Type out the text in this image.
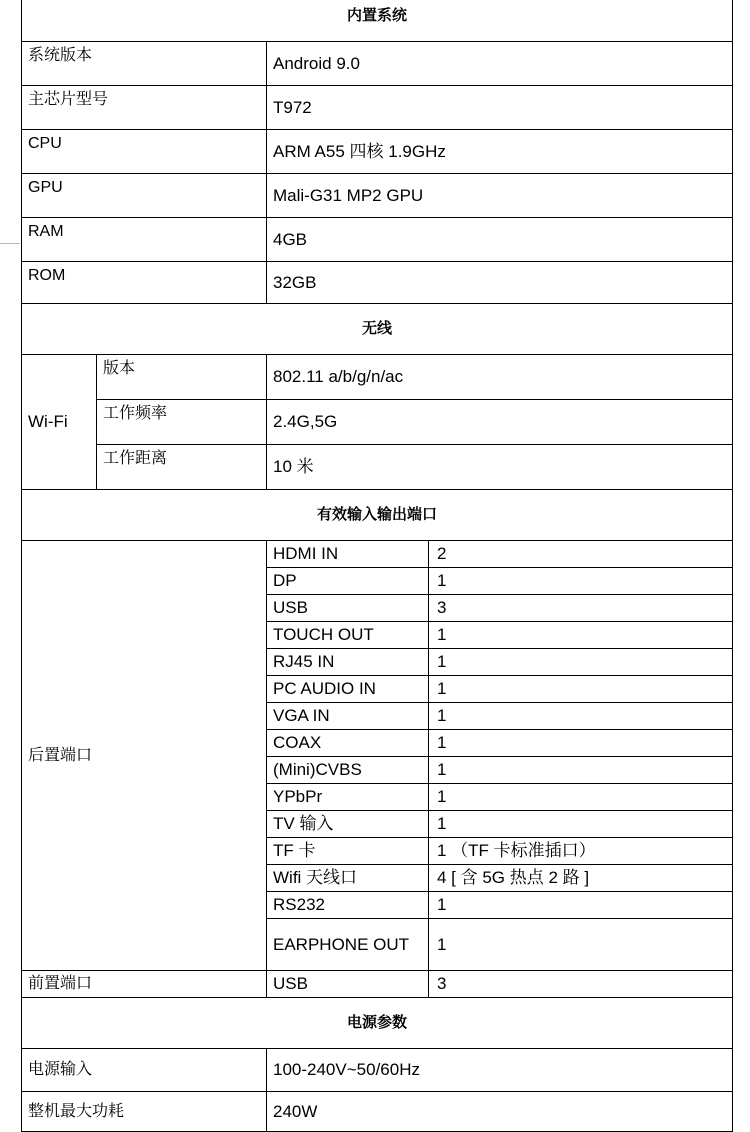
内置系统			
系统版本		Android 9.0	
主芯片型号		T972	
CPU		ARM A55 四核 1.9GHz	
GPU		Mali-G31 MP2 GPU	
RAM		4GB	
ROM		32GB	
无线			
Wi-Fi	版本	802.11 a/b/g/n/ac	
	工作频率	2.4G,5G	
	工作距离	10 米	
有效输入输出端口			
后置端口		HDMI IN	2
		DP	1
		USB	3
		TOUCH OUT	1
		RJ45 IN	1
		PC AUDIO IN	1
		VGA IN	1
		COAX	1
		(Mini)CVBS	1
		YPbPr	1
		TV 输入	1
		TF 卡	1 （TF 卡标准插口）
		Wifi 天线口	4 [ 含 5G 热点 2 路 ]
		RS232	1
		EARPHONE OUT	1
前置端口		USB	3
电源参数			
电源输入		100-240V~50/60Hz	
整机最大功耗		240W	
